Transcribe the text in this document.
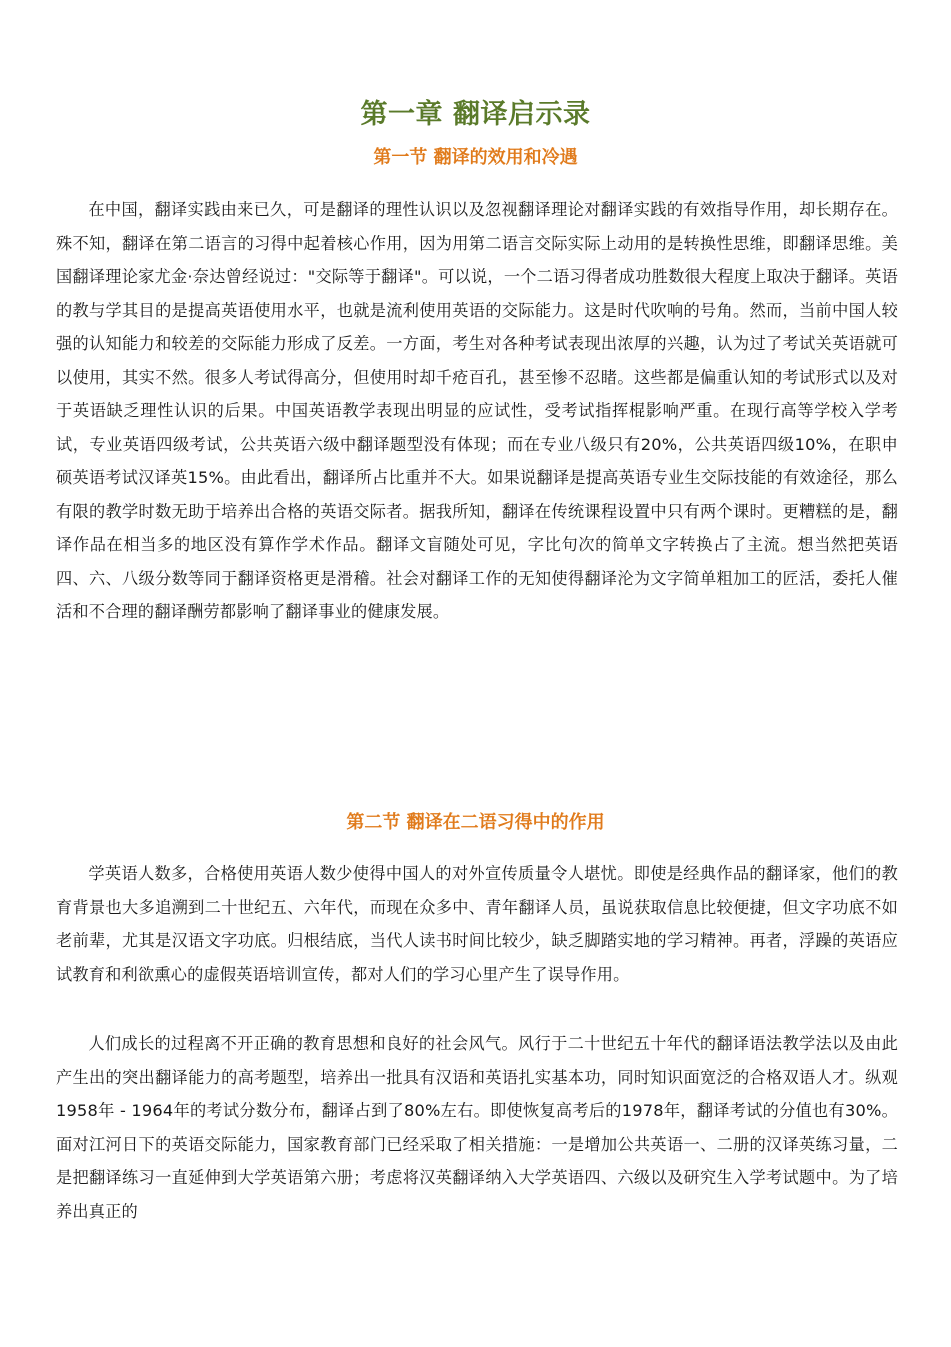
第一章 翻译启示录
第一节 翻译的效用和冷遇

在中国，翻译实践由来已久，可是翻译的理性认识以及忽视翻译理论对翻译实践的有效指导作用，却长期存在。殊不知，翻译在第二语言的习得中起着核心作用，因为用第二语言交际实际上动用的是转换性思维，即翻译思维。美国翻译理论家尤金·奈达曾经说过："交际等于翻译"。可以说，一个二语习得者成功胜数很大程度上取决于翻译。英语的教与学其目的是提高英语使用水平，也就是流利使用英语的交际能力。这是时代吹响的号角。然而，当前中国人较强的认知能力和较差的交际能力形成了反差。一方面，考生对各种考试表现出浓厚的兴趣，认为过了考试关英语就可以使用，其实不然。很多人考试得高分，但使用时却千疮百孔，甚至惨不忍睹。这些都是偏重认知的考试形式以及对于英语缺乏理性认识的后果。中国英语教学表现出明显的应试性，受考试指挥棍影响严重。在现行高等学校入学考试，专业英语四级考试，公共英语六级中翻译题型没有体现；而在专业八级只有20%，公共英语四级10%，在职申硕英语考试汉译英15%。由此看出，翻译所占比重并不大。如果说翻译是提高英语专业生交际技能的有效途径，那么有限的教学时数无助于培养出合格的英语交际者。据我所知，翻译在传统课程设置中只有两个课时。更糟糕的是，翻译作品在相当多的地区没有算作学术作品。翻译文盲随处可见，字比句次的简单文字转换占了主流。想当然把英语四、六、八级分数等同于翻译资格更是滑稽。社会对翻译工作的无知使得翻译沦为文字简单粗加工的匠活，委托人催活和不合理的翻译酬劳都影响了翻译事业的健康发展。

第二节 翻译在二语习得中的作用

学英语人数多，合格使用英语人数少使得中国人的对外宣传质量令人堪忧。即使是经典作品的翻译家，他们的教育背景也大多追溯到二十世纪五、六年代，而现在众多中、青年翻译人员，虽说获取信息比较便捷，但文字功底不如老前辈，尤其是汉语文字功底。归根结底，当代人读书时间比较少，缺乏脚踏实地的学习精神。再者，浮躁的英语应试教育和利欲熏心的虚假英语培训宣传，都对人们的学习心里产生了误导作用。

人们成长的过程离不开正确的教育思想和良好的社会风气。风行于二十世纪五十年代的翻译语法教学法以及由此产生出的突出翻译能力的高考题型，培养出一批具有汉语和英语扎实基本功，同时知识面宽泛的合格双语人才。纵观1958年 - 1964年的考试分数分布，翻译占到了80%左右。即使恢复高考后的1978年，翻译考试的分值也有30%。面对江河日下的英语交际能力，国家教育部门已经采取了相关措施：一是增加公共英语一、二册的汉译英练习量，二是把翻译练习一直延伸到大学英语第六册；考虑将汉英翻译纳入大学英语四、六级以及研究生入学考试题中。为了培养出真正的
